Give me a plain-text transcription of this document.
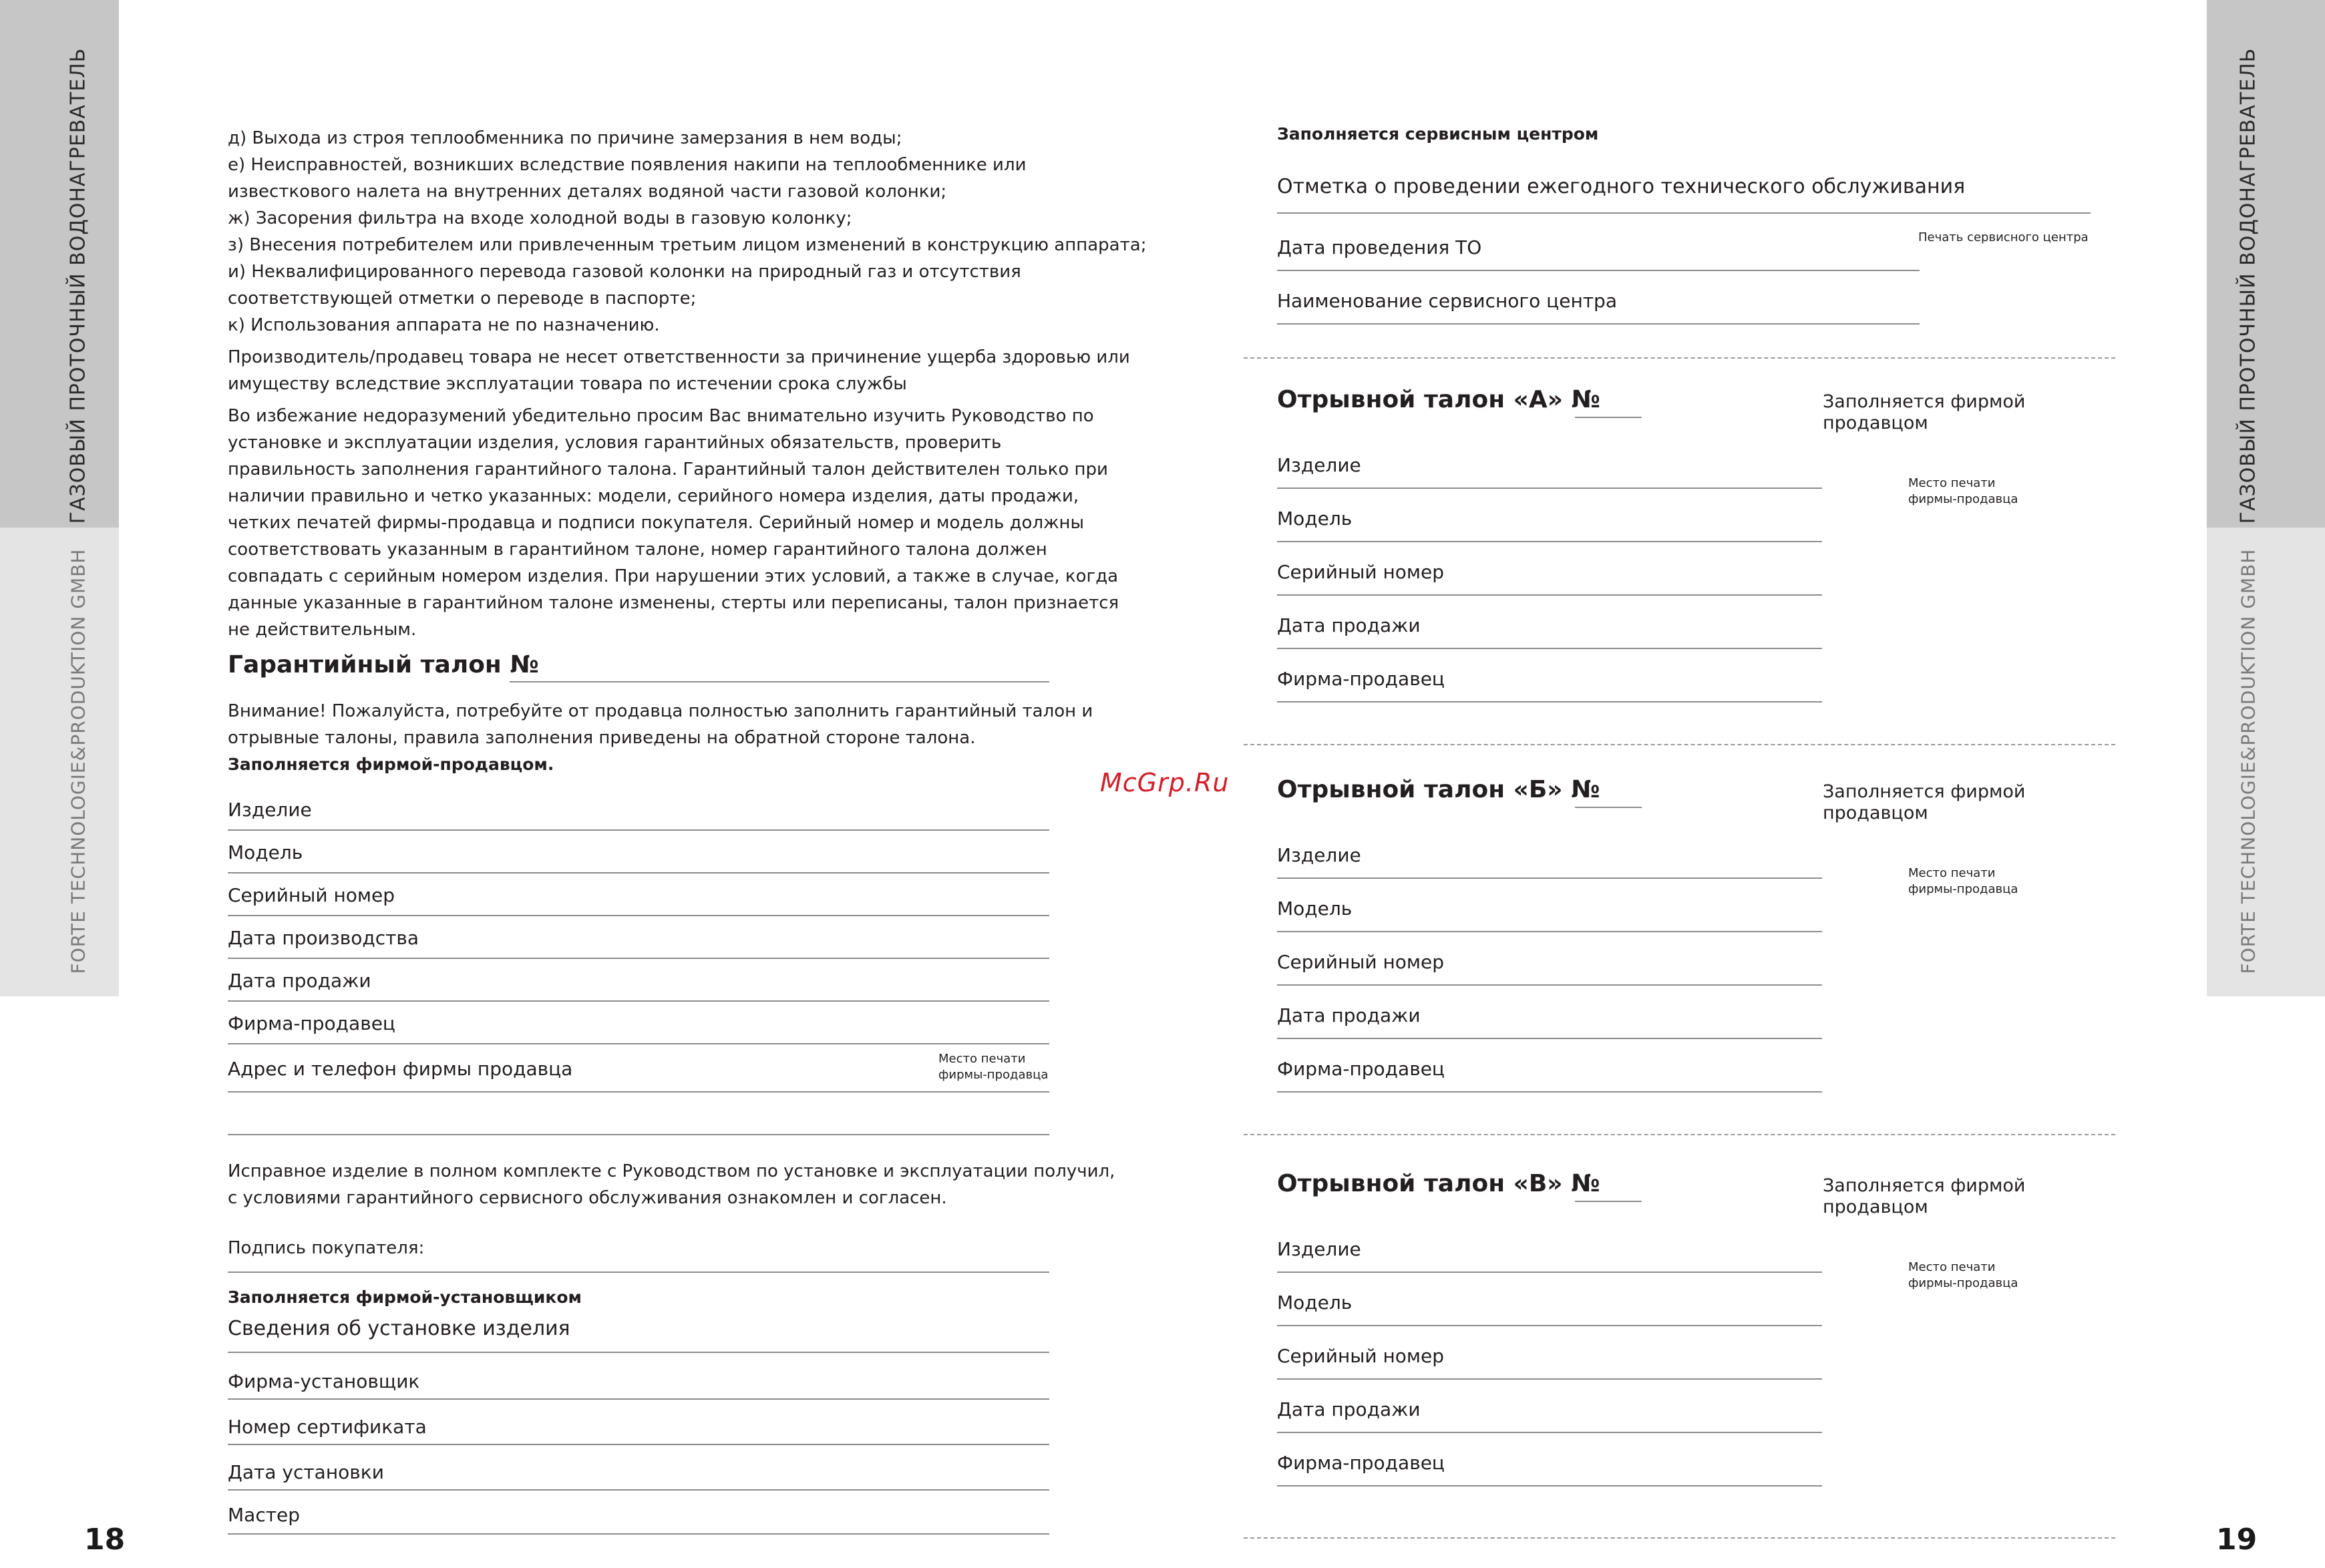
ГАЗОВЫЙ ПРОТОЧНЫЙ ВОДОНАГРЕВАТЕЛЬ
FORTE TECHNOLOGIE&PRODUKTION GMBH
ГАЗОВЫЙ ПРОТОЧНЫЙ ВОДОНАГРЕВАТЕЛЬ
FORTE TECHNOLOGIE&PRODUKTION GMBH
18	19
McGrp.Ru
д) Выхода из строя теплообменника по причине замерзания в нем воды;
е) Неисправностей, возникших вследствие появления накипи на теплообменнике или
известкового налета на внутренних деталях водяной части газовой колонки;
ж) Засорения фильтра на входе холодной воды в газовую колонку;
з) Внесения потребителем или привлеченным третьим лицом изменений в конструкцию аппарата;
и) Неквалифицированного перевода газовой колонки на природный газ и отсутствия
соответствующей отметки о переводе в паспорте;
к) Использования аппарата не по назначению.
Производитель/продавец товара не несет ответственности за причинение ущерба здоровью или
имуществу вследствие эксплуатации товара по истечении срока службы
Во избежание недоразумений убедительно просим Вас внимательно изучить Руководство по
установке и эксплуатации изделия, условия гарантийных обязательств, проверить
правильность заполнения гарантийного талона. Гарантийный талон действителен только при
наличии правильно и четко указанных: модели, серийного номера изделия, даты продажи,
четких печатей фирмы-продавца и подписи покупателя. Серийный номер и модель должны
соответствовать указанным в гарантийном талоне, номер гарантийного талона должен
совпадать с серийным номером изделия. При нарушении этих условий, а также в случае, когда
данные указанные в гарантийном талоне изменены, стерты или переписаны, талон признается
не действительным.
Гарантийный талон №
Внимание! Пожалуйста, потребуйте от продавца полностью заполнить гарантийный талон и
отрывные талоны, правила заполнения приведены на обратной стороне талона.
Заполняется фирмой-продавцом.
Изделие
Модель
Серийный номер
Дата производства
Дата продажи
Фирма-продавец
Адрес и телефон фирмы продавца	Место печати
фирмы-продавца
Исправное изделие в полном комплекте с Руководством по установке и эксплуатации получил,
с условиями гарантийного сервисного обслуживания ознакомлен и согласен.
Подпись покупателя:
Заполняется фирмой-установщиком
Сведения об установке изделия
Фирма-установщик
Номер сертификата
Дата установки
Мастер
Заполняется сервисным центром
Отметка о проведении ежегодного технического обслуживания
Дата проведения ТО	Печать сервисного центра
Наименование сервисного центра
Отрывной талон «А» №	Заполняется фирмой
продавцом
Место печати
фирмы-продавца
Изделие
Модель
Серийный номер
Дата продажи
Фирма-продавец
Отрывной талон «Б» №	Заполняется фирмой
продавцом
Место печати
фирмы-продавца
Изделие
Модель
Серийный номер
Дата продажи
Фирма-продавец
Отрывной талон «В» №	Заполняется фирмой
продавцом
Место печати
фирмы-продавца
Изделие
Модель
Серийный номер
Дата продажи
Фирма-продавец
